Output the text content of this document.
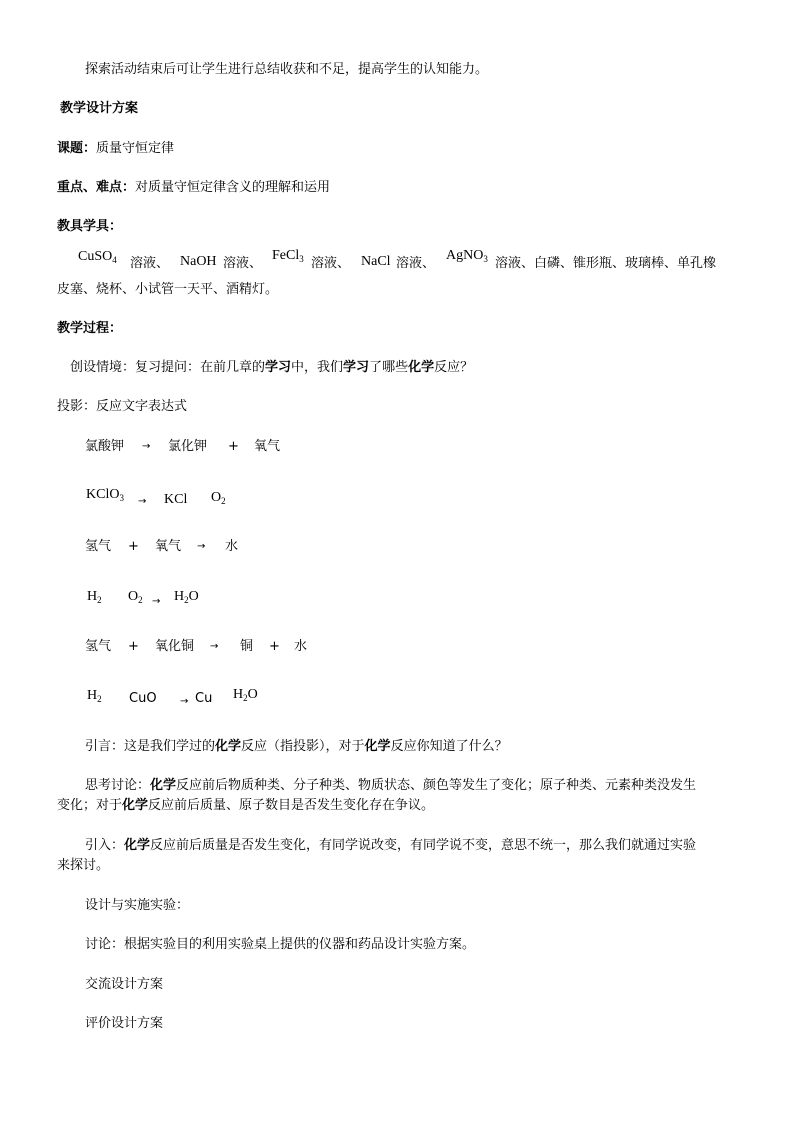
探索活动结束后可让学生进行总结收获和不足，提高学生的认知能力。
教学设计方案
课题：质量守恒定律
重点、难点：对质量守恒定律含义的理解和运用
教具学具：
CuSO$_4$ 溶液、 NaOH 溶液、
FeCl$_3$ 溶液、 NaCl 溶液、
AgNO$_3$ 溶液、白磷、锥形瓶、玻璃棒、单孔橡
皮塞、烧杯、小试管一天平、酒精灯。
教学过程：
创设情境：复习提问：在前几章的学习中，我们学习了哪些化学反应？
投影：反应文字表达式
氯酸钾 → 氯化钾 + 氧气
KClO$_3$ → KCl $O_2$
氢气 + 氧气 → 水
$H_2$ $O_2 \to H_2O$
氢气 + 氧化铜 → 铜 + 水
$H_2$ CuO → Cu $H_2O$
引言：这是我们学过的化学反应（指投影），对于化学反应你知道了什么？
思考讨论：化学反应前后物质种类、分子种类、物质状态、颜色等发生了变化；原子种类、元素种类没发生
变化；对于化学反应前后质量、原子数目是否发生变化存在争议。
引入：化学反应前后质量是否发生变化，有同学说改变，有同学说不变，意思不统一，那么我们就通过实验
来探讨。
设计与实施实验：
讨论：根据实验目的利用实验桌上提供的仪器和药品设计实验方案。
交流设计方案
评价设计方案
